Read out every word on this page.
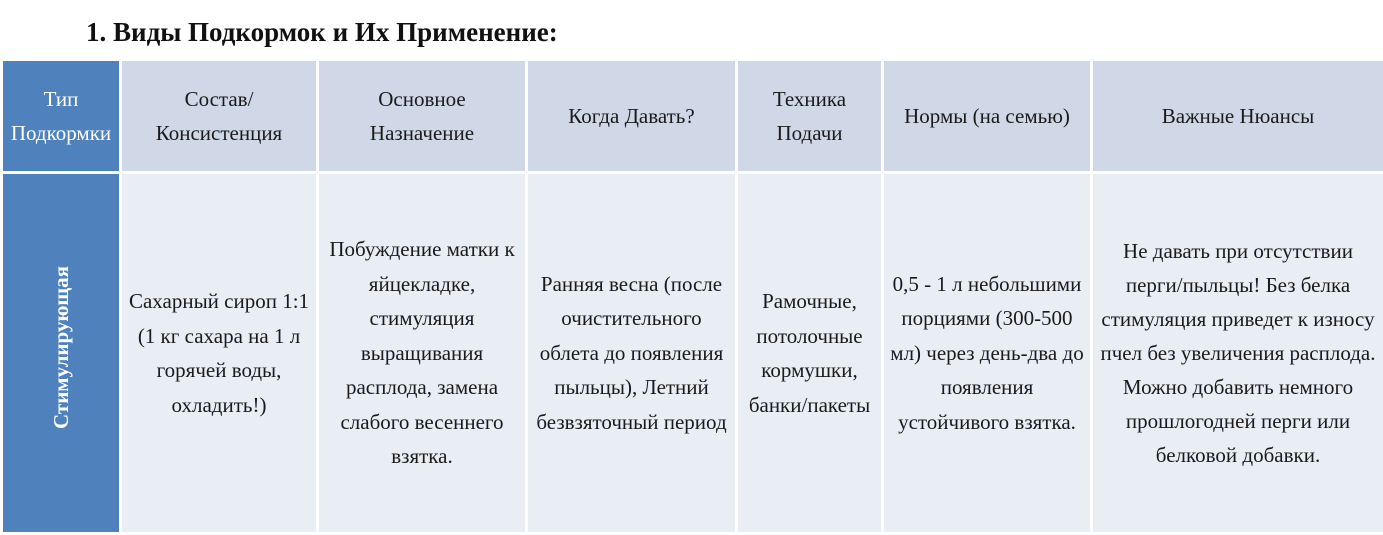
1. Виды Подкормок и Их Применение:
Тип Подкормки	Состав/Консистенция	Основное Назначение	Когда Давать?	Техника Подачи	Нормы (на семью)	Важные Нюансы
Стимулирующая	Сахарный сироп 1:1 (1 кг сахара на 1 л горячей воды, охладить!)	Побуждение матки к яйцекладке, стимуляция выращивания расплода, замена слабого весеннего взятка.	Ранняя весна (после очистительного облета до появления пыльцы), Летний безвзяточный период	Рамочные, потолочные кормушки, банки/пакеты	0,5 - 1 л небольшими порциями (300-500 мл) через день-два до появления устойчивого взятка.	Не давать при отсутствии перги/пыльцы! Без белка стимуляция приведет к износу пчел без увеличения расплода. Можно добавить немного прошлогодней перги или белковой добавки.
